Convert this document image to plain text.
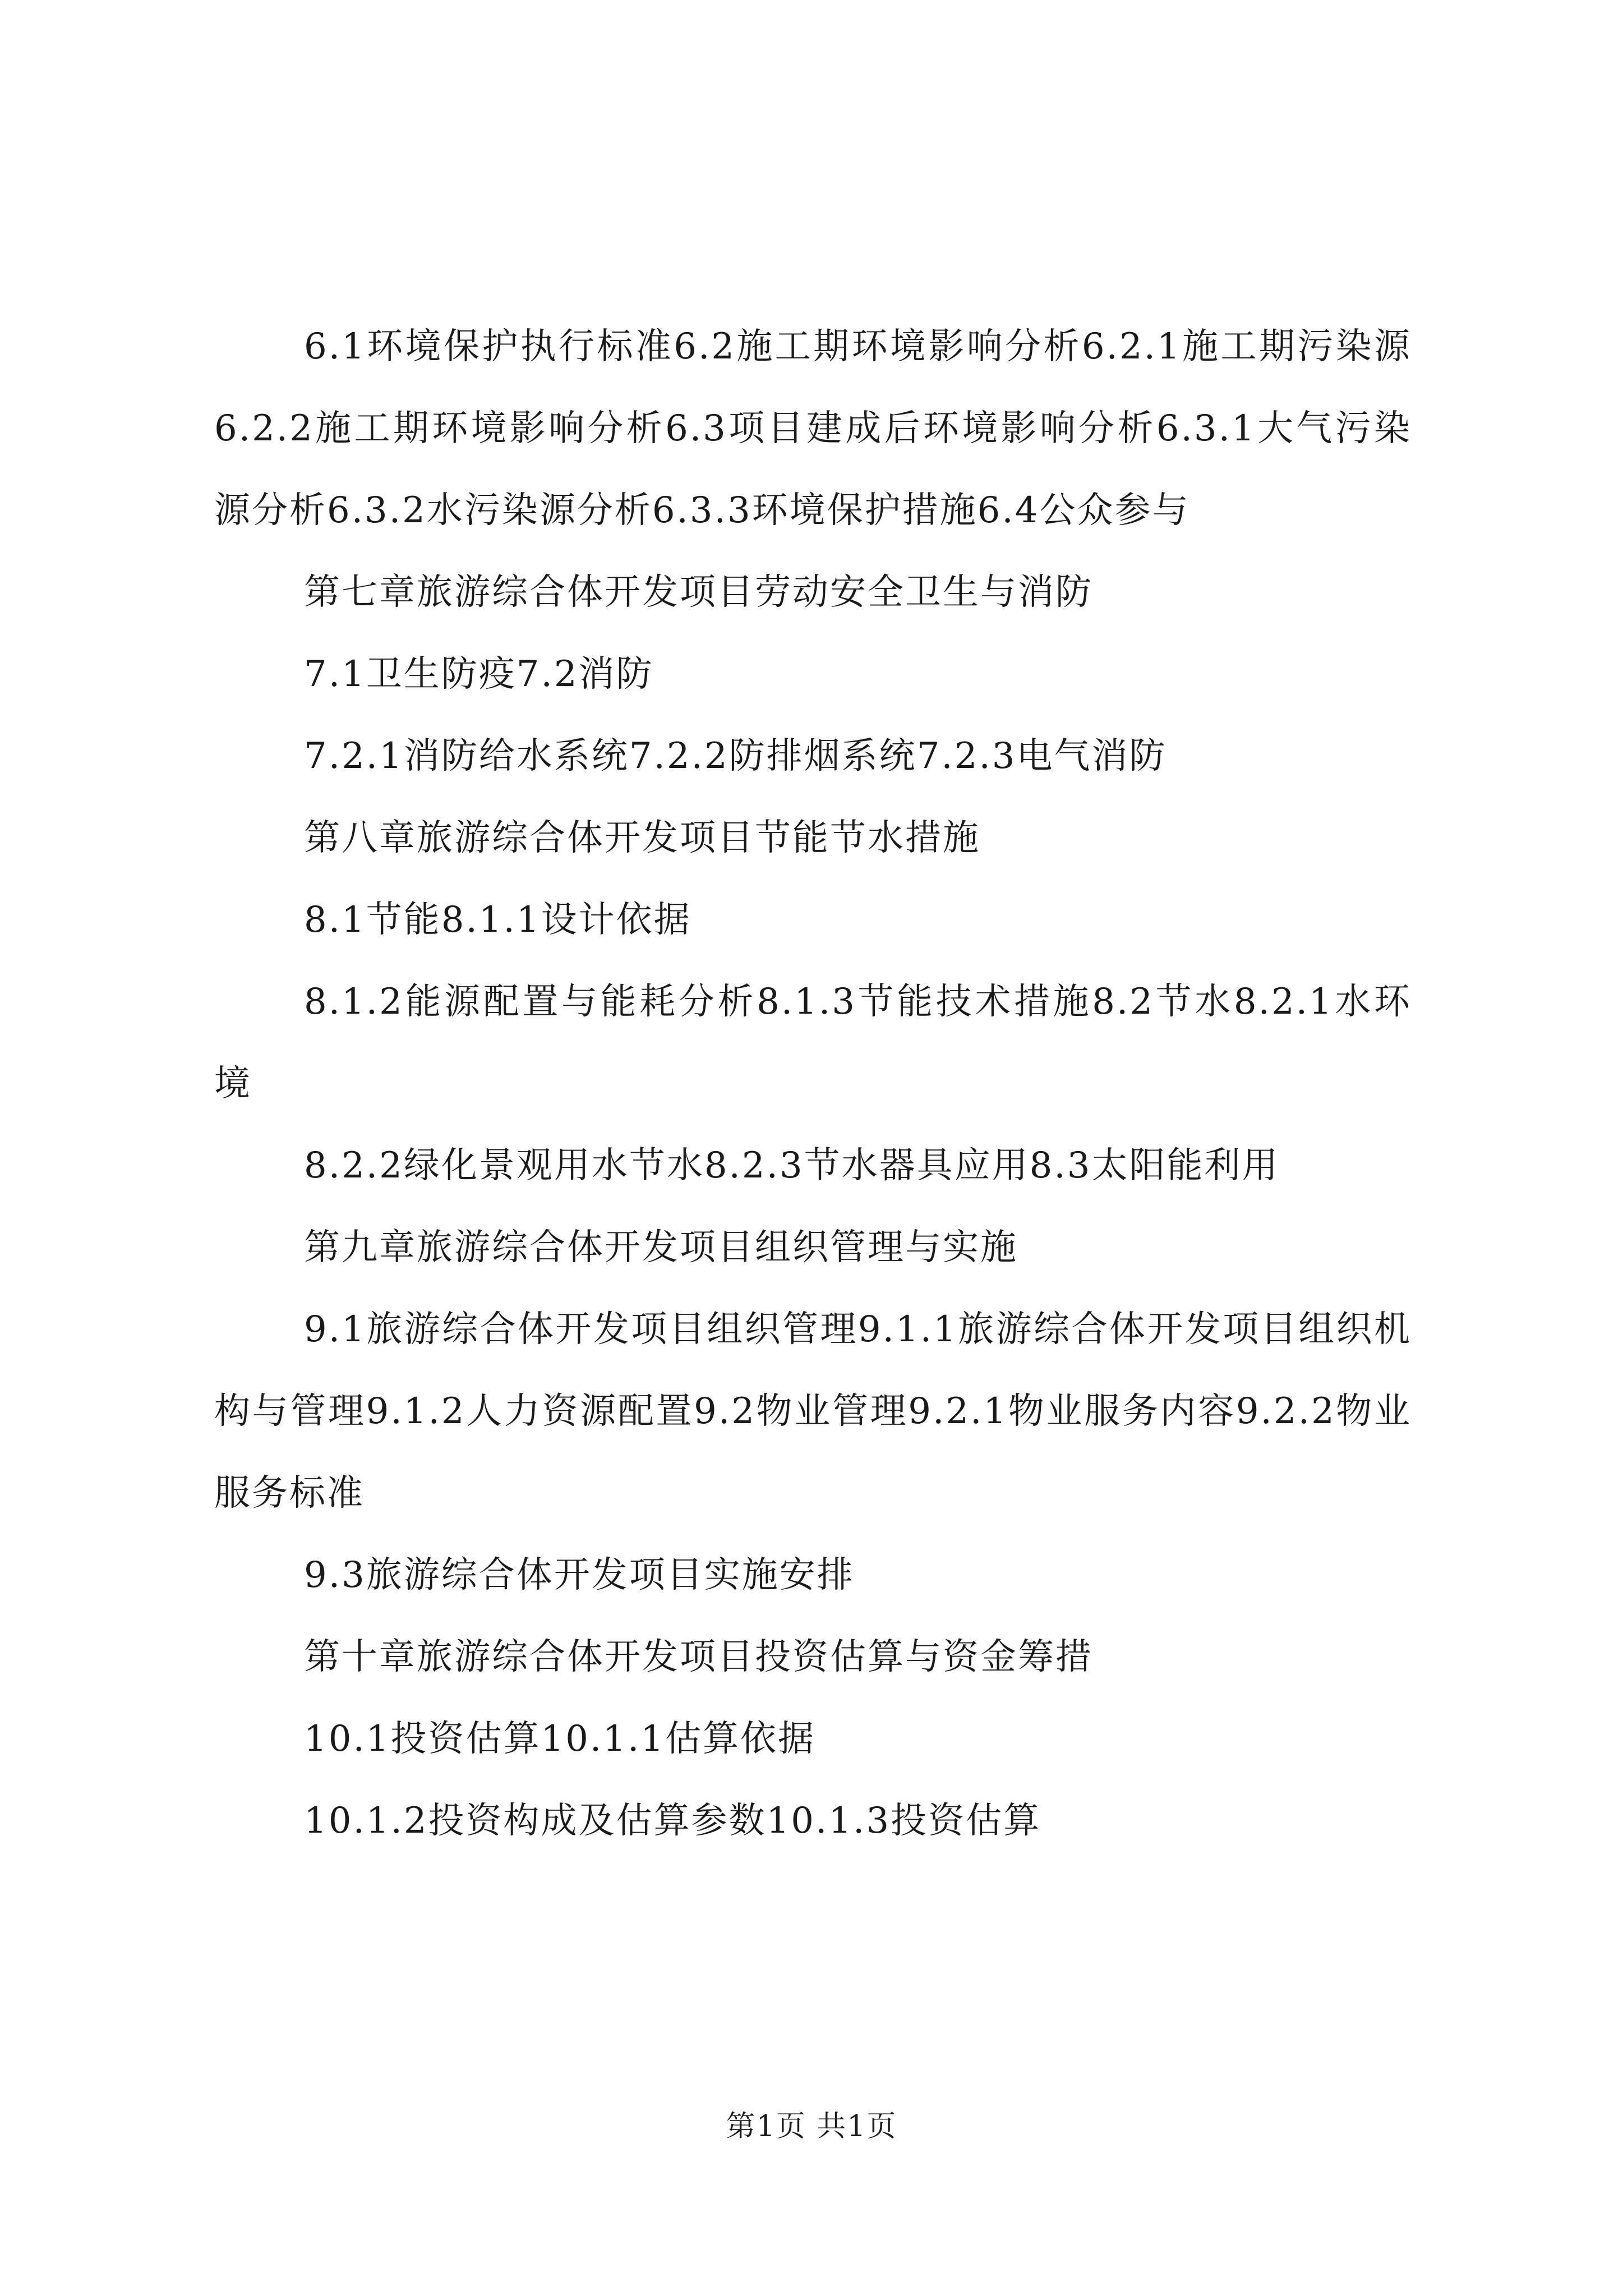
6.1环境保护执行标准6.2施工期环境影响分析6.2.1施工期污染源6.2.2施工期环境影响分析6.3项目建成后环境影响分析6.3.1大气污染源分析6.3.2水污染源分析6.3.3环境保护措施6.4公众参与

第七章旅游综合体开发项目劳动安全卫生与消防

7.1卫生防疫7.2消防

7.2.1消防给水系统7.2.2防排烟系统7.2.3电气消防

第八章旅游综合体开发项目节能节水措施

8.1节能8.1.1设计依据

8.1.2能源配置与能耗分析8.1.3节能技术措施8.2节水8.2.1水环境

8.2.2绿化景观用水节水8.2.3节水器具应用8.3太阳能利用

第九章旅游综合体开发项目组织管理与实施

9.1旅游综合体开发项目组织管理9.1.1旅游综合体开发项目组织机构与管理9.1.2人力资源配置9.2物业管理9.2.1物业服务内容9.2.2物业服务标准

9.3旅游综合体开发项目实施安排

第十章旅游综合体开发项目投资估算与资金筹措

10.1投资估算10.1.1估算依据

10.1.2投资构成及估算参数10.1.3投资估算

第1页 共1页
